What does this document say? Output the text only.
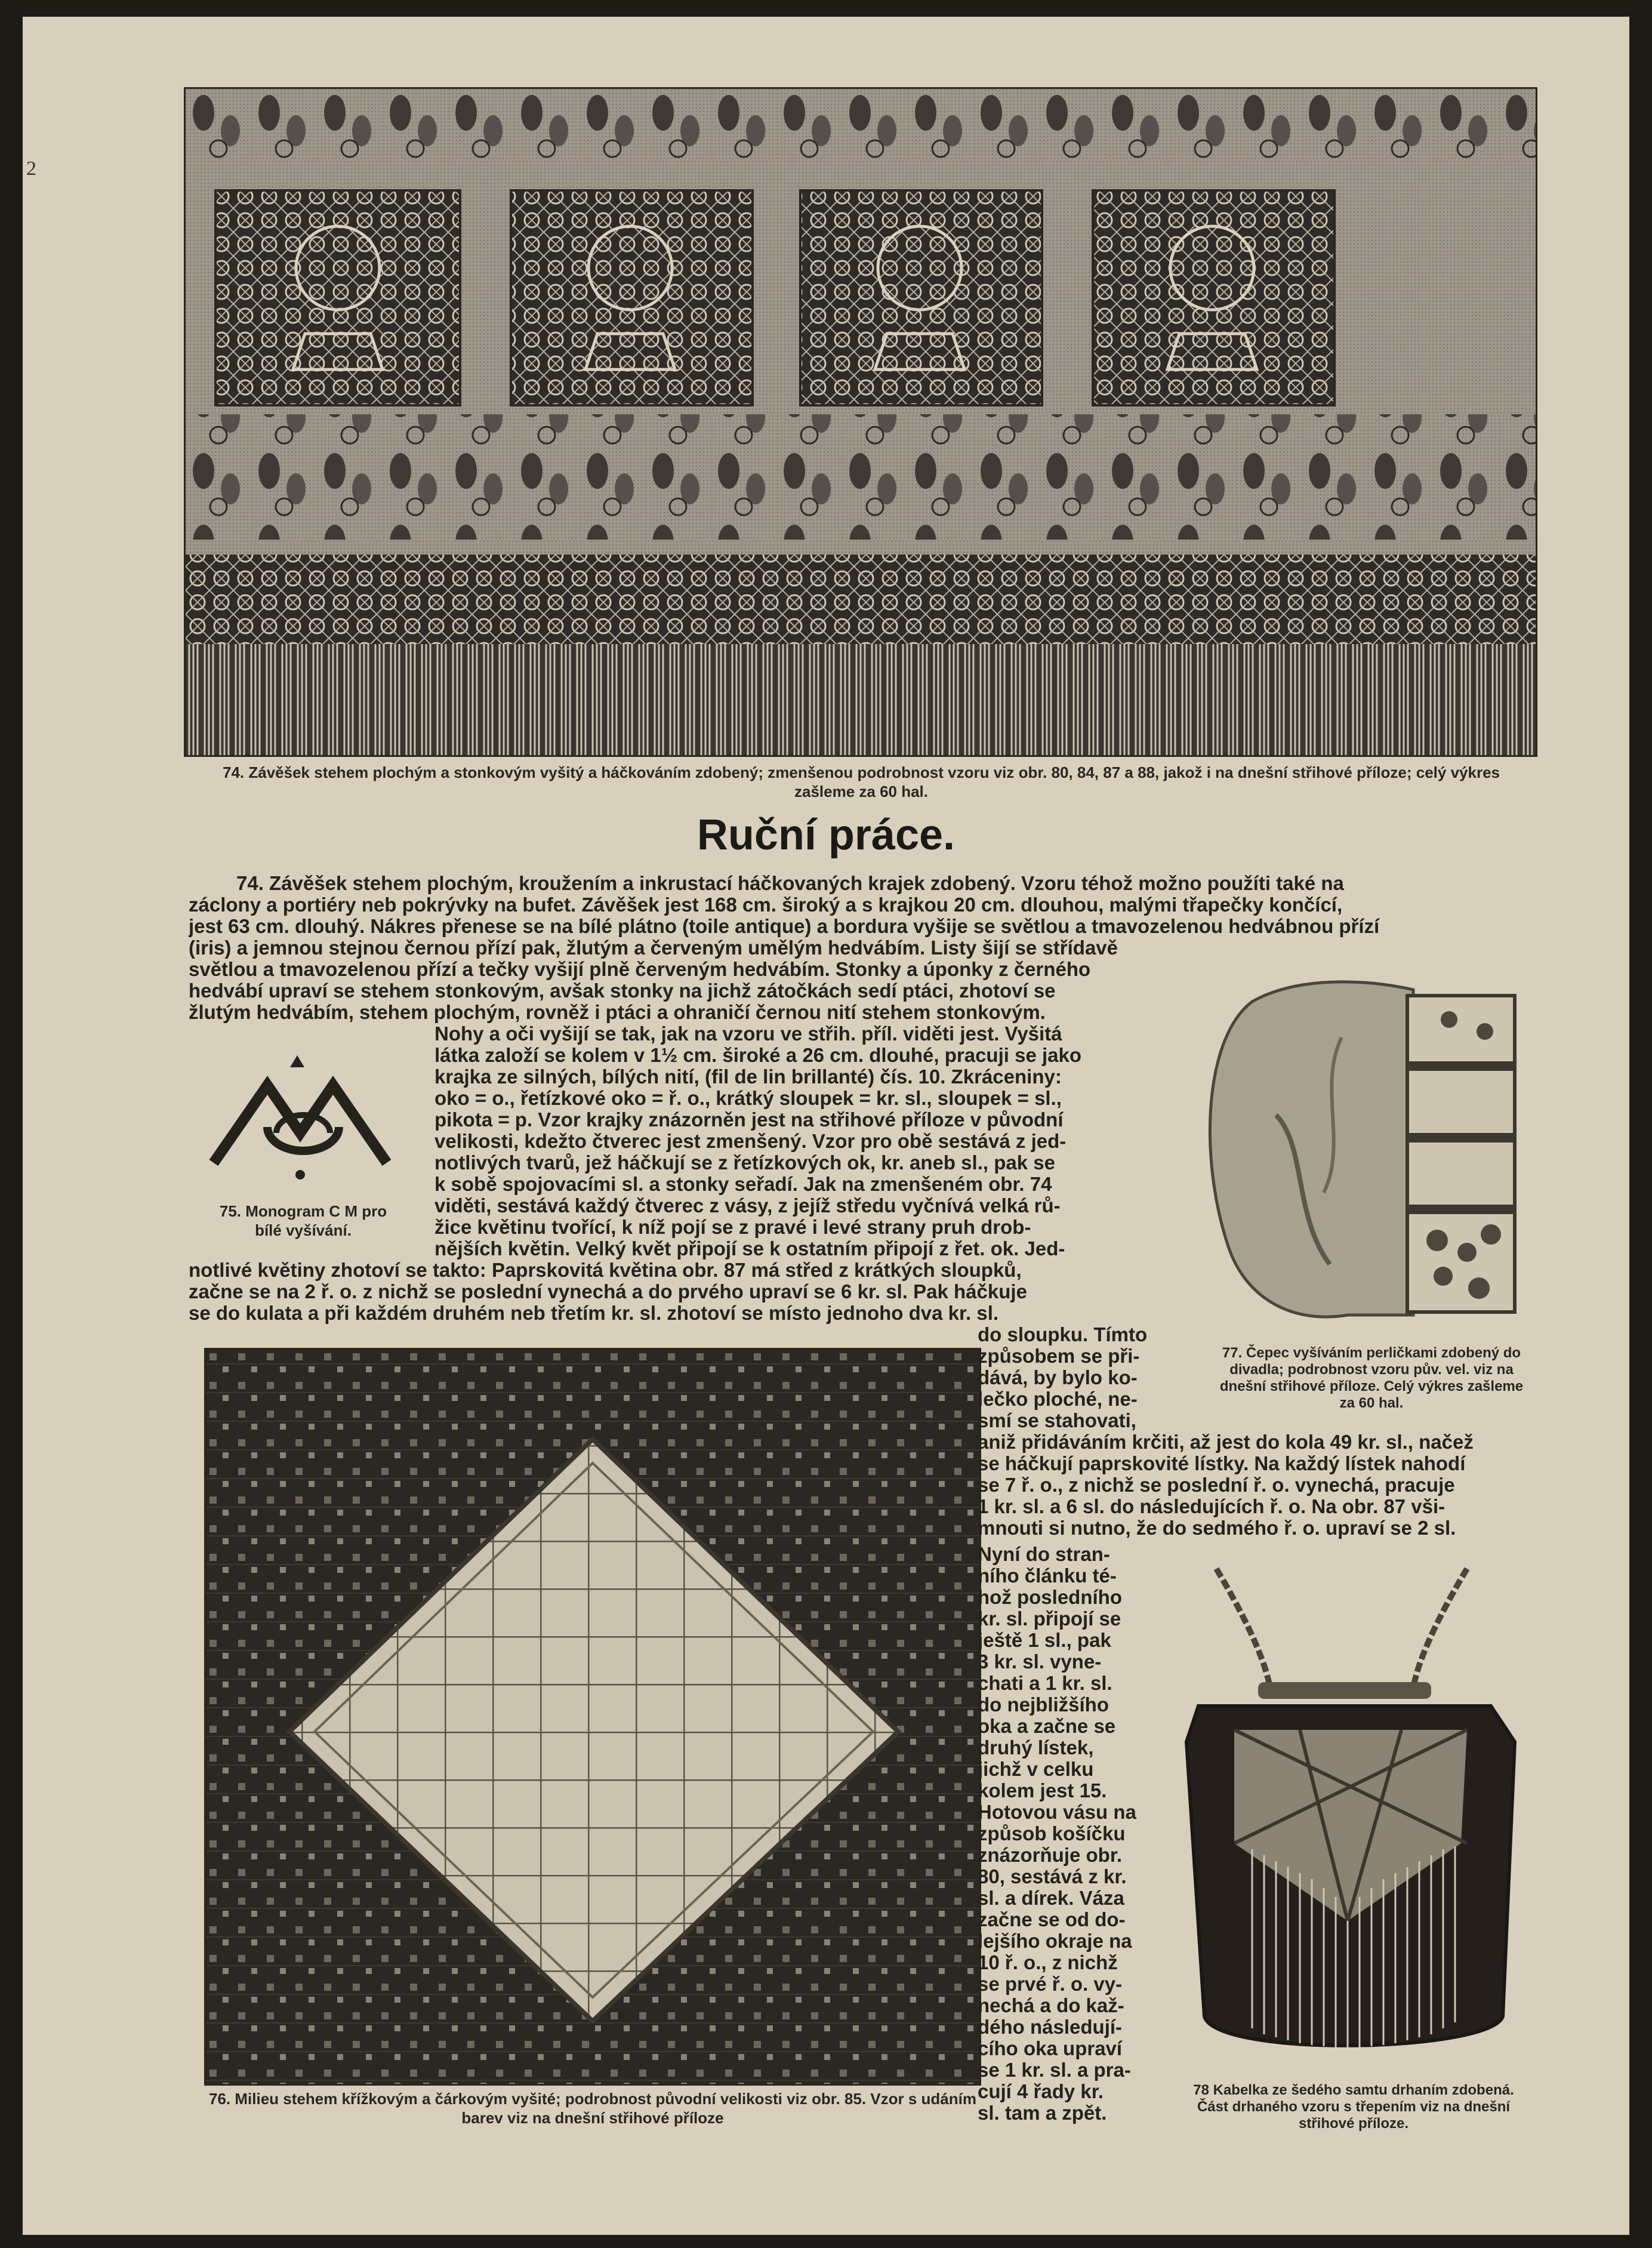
2
74. Závěšek stehem plochým a stonkovým vyšitý a háčkováním zdobený; zmenšenou podrobnost vzoru viz obr. 80, 84, 87 a 88, jakož i na dnešní střihové příloze; celý výkres zašleme za 60 hal.
Ruční práce.
74. Závěšek stehem plochým, kroužením a inkrustací háčkovaných krajek zdobený. Vzoru téhož možno použíti také na
záclony a portiéry neb pokrývky na bufet. Závěšek jest 168 cm. široký a s krajkou 20 cm. dlouhou, malými třapečky končící,
jest 63 cm. dlouhý. Nákres přenese se na bílé plátno (toile antique) a bordura vyšije se světlou a tmavozelenou hedvábnou přízí
(iris) a jemnou stejnou černou přízí pak, žlutým a červeným umělým hedvábím. Listy šijí se střídavě
světlou a tmavozelenou přízí a tečky vyšijí plně červeným hedvábím. Stonky a úponky z černého
hedvábí upraví se stehem stonkovým, avšak stonky na jichž zátočkách sedí ptáci, zhotoví se
žlutým hedvábím, stehem plochým, rovněž i ptáci a ohraničí černou nití stehem stonkovým.
75. Monogram C M pro bílé vyšívání.
Nohy a oči vyšijí se tak, jak na vzoru ve střih. příl. viděti jest. Vyšitá
látka založí se kolem v 1½ cm. široké a 26 cm. dlouhé, pracuji se jako
krajka ze silných, bílých nití, (fil de lin brillanté) čís. 10. Zkráceniny:
oko = o., řetízkové oko = ř. o., krátký sloupek = kr. sl., sloupek = sl.,
pikota = p. Vzor krajky znázorněn jest na střihové příloze v původní
velikosti, kdežto čtverec jest zmenšený. Vzor pro obě sestává z jed-
notlivých tvarů, jež háčkují se z řetízkových ok, kr. aneb sl., pak se
k sobě spojovacími sl. a stonky seřadí. Jak na zmenšeném obr. 74
viděti, sestává každý čtverec z vásy, z jejíž středu vyčnívá velká rů-
žice květinu tvořící, k níž pojí se z pravé i levé strany pruh drob-
nějších květin. Velký květ připojí se k ostatním připojí z řet. ok. Jed-
notlivé květiny zhotoví se takto: Paprskovitá květina obr. 87 má střed z krátkých sloupků,
začne se na 2 ř. o. z nichž se poslední vynechá a do prvého upraví se 6 kr. sl. Pak háčkuje
se do kulata a při každém druhém neb třetím kr. sl. zhotoví se místo jednoho dva kr. sl.
77. Čepec vyšíváním perličkami zdobený do divadla; podrobnost vzoru pův. vel. viz na dnešní střihové příloze. Celý výkres zašleme za 60 hal.
76. Milieu stehem křížkovým a čárkovým vyšité; podrobnost původní velikosti viz obr. 85. Vzor s udáním barev viz na dnešní střihové příloze
do sloupku. Tímto
způsobem se při-
dává, by bylo ko-
lečko ploché, ne-
smí se stahovati,
aniž přidáváním krčiti, až jest do kola 49 kr. sl., načež
se háčkují paprskovité lístky. Na každý lístek nahodí
se 7 ř. o., z nichž se poslední ř. o. vynechá, pracuje
1 kr. sl. a 6 sl. do následujících ř. o. Na obr. 87 vši-
mnouti si nutno, že do sedmého ř. o. upraví se 2 sl.
Nyní do stran-
ního článku té-
hož posledního
kr. sl. připojí se
ještě 1 sl., pak
3 kr. sl. vyne-
chati a 1 kr. sl.
do nejbližšího
oka a začne se
druhý lístek,
jichž v celku
kolem jest 15.
Hotovou vásu na
způsob košíčku
znázorňuje obr.
80, sestává z kr.
sl. a dírek. Váza
začne se od do-
lejšího okraje na
10 ř. o., z nichž
se prvé ř. o. vy-
nechá a do kaž-
dého následují-
cího oka upraví
se 1 kr. sl. a pra-
cují 4 řady kr.
sl. tam a zpět.
78 Kabelka ze šedého samtu drhaním zdobená. Část drhaného vzoru s třepením viz na dnešní střihové příloze.
